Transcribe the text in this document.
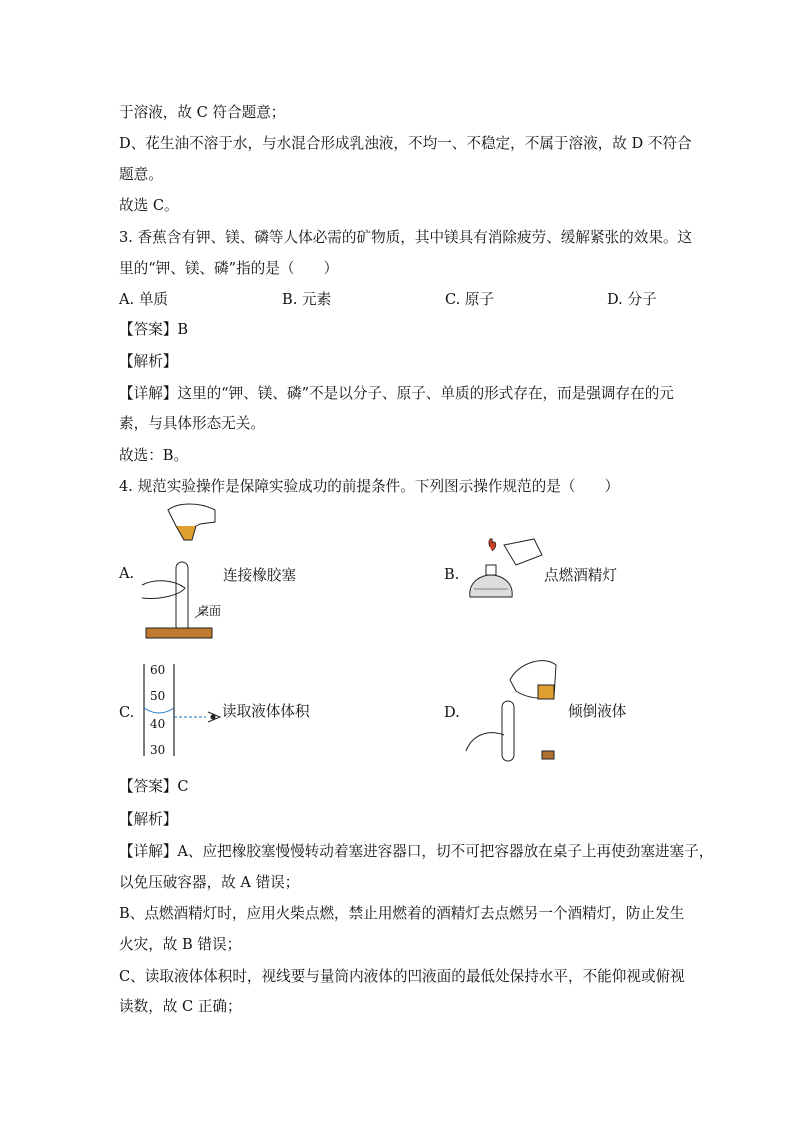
于溶液，故 C 符合题意；
D、花生油不溶于水，与水混合形成乳浊液，不均一、不稳定，不属于溶液，故 D 不符合
题意。
故选 C。
3. 香蕉含有钾、镁、磷等人体必需的矿物质，其中镁具有消除疲劳、缓解紧张的效果。这
里的“钾、镁、磷”指的是（　　）
A. 单质	B. 元素	C. 原子	D. 分子
【答案】B
【解析】
【详解】这里的“钾、镁、磷”不是以分子、原子、单质的形式存在，而是强调存在的元
素，与具体形态无关。
故选：B。
4. 规范实验操作是保障实验成功的前提条件。下列图示操作规范的是（　　）
A.
桌面
连接橡胶塞	B.	点燃酒精灯
C.
60
50
40
30
读取液体体积	D.	倾倒液体
【答案】C
【解析】
【详解】A、应把橡胶塞慢慢转动着塞进容器口，切不可把容器放在桌子上再使劲塞进塞子，
以免压破容器，故 A 错误；
B、点燃酒精灯时，应用火柴点燃，禁止用燃着的酒精灯去点燃另一个酒精灯，防止发生
火灾，故 B 错误；
C、读取液体体积时，视线要与量筒内液体的凹液面的最低处保持水平，不能仰视或俯视
读数，故 C 正确；
